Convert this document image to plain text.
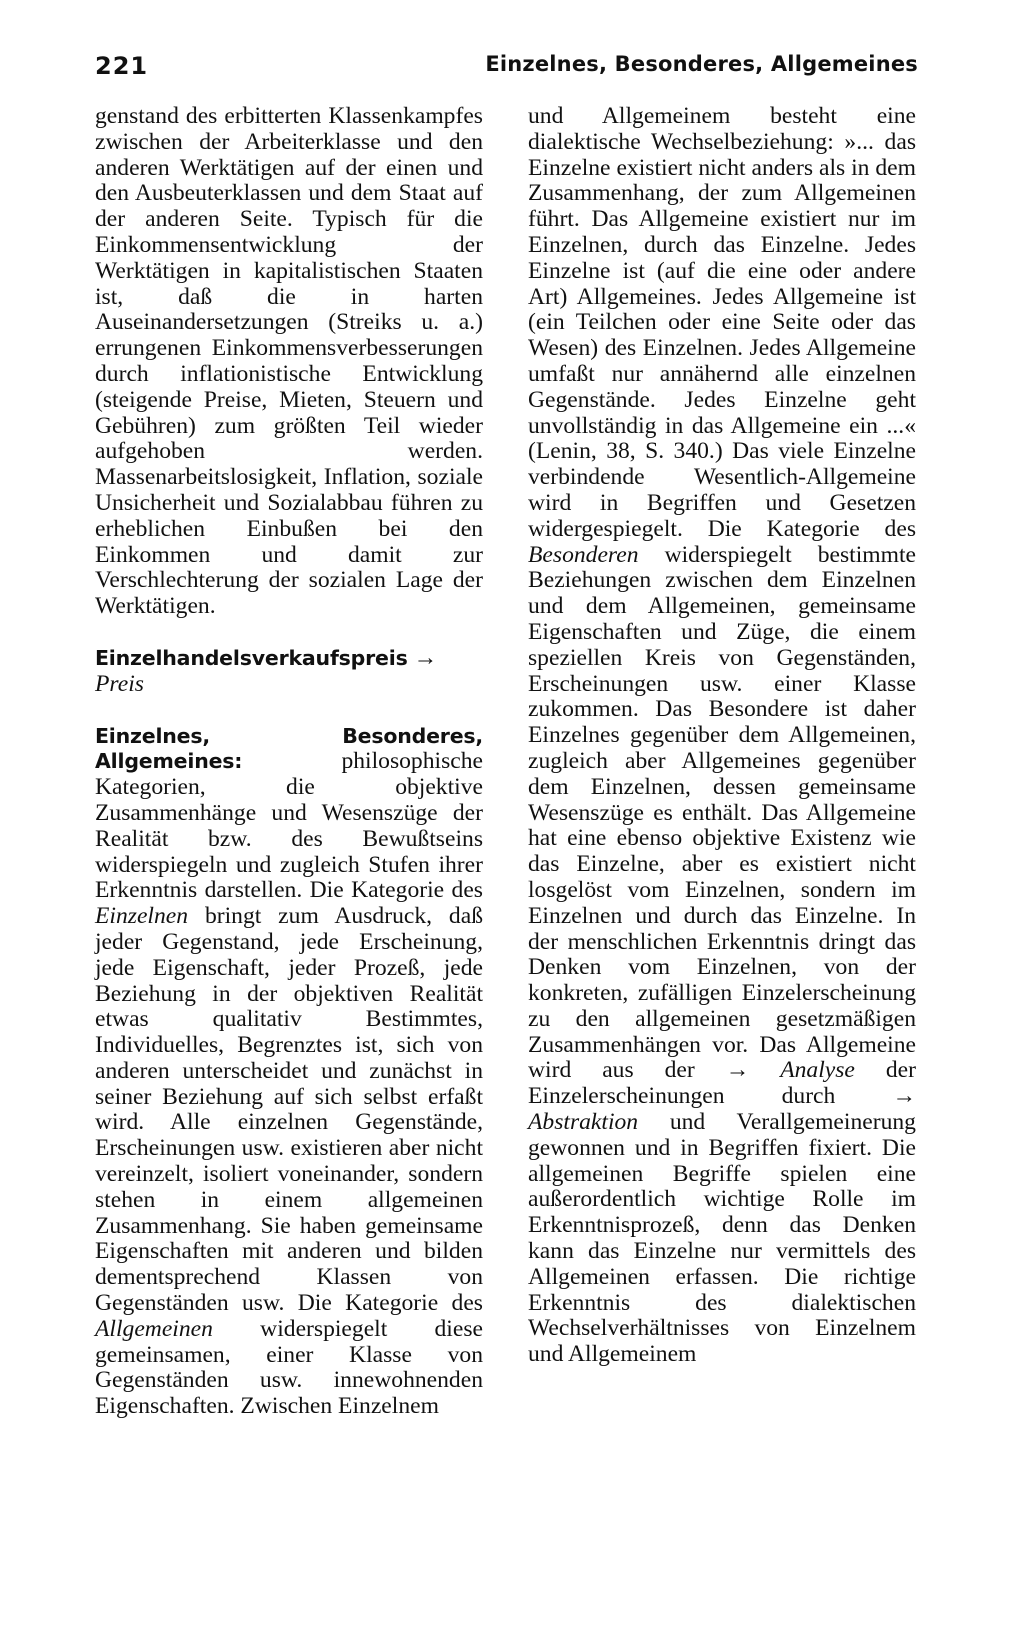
221	Einzelnes, Besonderes, Allgemeines

genstand des erbitterten Klassenkampfes zwischen der Arbeiterklasse und den anderen Werktätigen auf der einen und den Ausbeuterklassen und dem Staat auf der anderen Seite. Typisch für die Einkommensentwicklung der Werktätigen in kapitalistischen Staaten ist, daß die in harten Auseinandersetzungen (Streiks u. a.) errungenen Einkommensverbesserungen durch inflationistische Entwicklung (steigende Preise, Mieten, Steuern und Gebühren) zum größten Teil wieder aufgehoben werden. Massenarbeitslosigkeit, Inflation, soziale Unsicherheit und Sozialabbau führen zu erheblichen Einbußen bei den Einkommen und damit zur Verschlechterung der sozialen Lage der Werktätigen.

Einzelhandelsverkaufspreis → Preis

Einzelnes, Besonderes, Allgemeines:	philosophische Kategorien, die objektive Zusammenhänge und Wesenszüge der Realität bzw. des Bewußtseins widerspiegeln und zugleich Stufen ihrer Erkenntnis darstellen. Die Kategorie des Einzelnen bringt zum Ausdruck, daß jeder Gegenstand, jede Erscheinung, jede Eigenschaft, jeder Prozeß, jede Beziehung in der objektiven Realität etwas qualitativ Bestimmtes, Individuelles, Begrenztes ist, sich von anderen unterscheidet und zunächst in seiner Beziehung auf sich selbst erfaßt wird. Alle einzelnen Gegenstände, Erscheinungen usw. existieren aber nicht vereinzelt, isoliert voneinander, sondern stehen in einem allgemeinen Zusammenhang. Sie haben gemeinsame Eigenschaften mit anderen und bilden dementsprechend Klassen von Gegenständen usw. Die Kategorie des Allgemeinen widerspiegelt diese gemeinsamen, einer Klasse von Gegenständen usw. innewohnenden Eigenschaften. Zwischen Einzelnem

und Allgemeinem besteht eine dialektische Wechselbeziehung: »... das Einzelne existiert nicht anders als in dem Zusammenhang, der zum Allgemeinen führt. Das Allgemeine existiert nur im Einzelnen, durch das Einzelne. Jedes Einzelne ist (auf die eine oder andere Art) Allgemeines. Jedes Allgemeine ist (ein Teilchen oder eine Seite oder das Wesen) des Einzelnen. Jedes Allgemeine umfaßt nur annähernd alle einzelnen Gegenstände. Jedes Einzelne geht unvollständig in das Allgemeine ein ...« (Lenin, 38, S. 340.) Das viele Einzelne verbindende Wesentlich-Allgemeine wird in Begriffen und Gesetzen widergespiegelt. Die Kategorie des Besonderen widerspiegelt bestimmte Beziehungen zwischen dem Einzelnen und dem Allgemeinen, gemeinsame Eigenschaften und Züge, die einem speziellen Kreis von Gegenständen, Erscheinungen usw. einer Klasse zukommen. Das Besondere ist daher Einzelnes gegenüber dem Allgemeinen, zugleich aber Allgemeines gegenüber dem Einzelnen, dessen gemeinsame Wesenszüge es enthält. Das Allgemeine hat eine ebenso objektive Existenz wie das Einzelne, aber es existiert nicht losgelöst vom Einzelnen, sondern im Einzelnen und durch das Einzelne. In der menschlichen Erkenntnis dringt das Denken vom Einzelnen, von der konkreten, zufälligen Einzelerscheinung zu den allgemeinen gesetzmäßigen Zusammenhängen vor. Das Allgemeine wird aus der → Analyse der Einzelerscheinungen durch → Abstraktion und Verallgemeinerung gewonnen und in Begriffen fixiert. Die allgemeinen Begriffe spielen eine außerordentlich wichtige Rolle im Erkenntnisprozeß, denn das Denken kann das Einzelne nur vermittels des Allgemeinen erfassen. Die richtige Erkenntnis des dialektischen Wechselverhältnisses von Einzelnem und Allgemeinem
